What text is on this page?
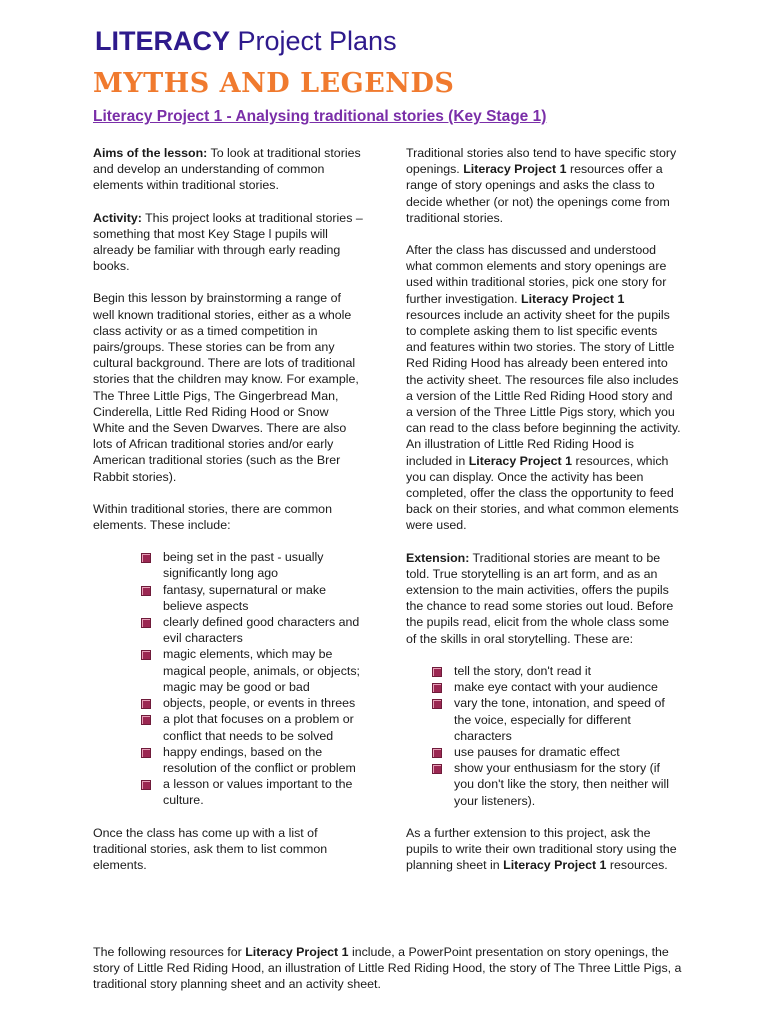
LITERACY Project Plans
MYTHS AND LEGENDS
Literacy Project 1 - Analysing traditional stories (Key Stage 1)

Aims of the lesson: To look at traditional stories and develop an understanding of common elements within traditional stories.

Activity: This project looks at traditional stories – something that most Key Stage l pupils will already be familiar with through early reading books.

Begin this lesson by brainstorming a range of well known traditional stories, either as a whole class activity or as a timed competition in pairs/groups. These stories can be from any cultural background. There are lots of traditional stories that the children may know. For example, The Three Little Pigs, The Gingerbread Man, Cinderella, Little Red Riding Hood or Snow White and the Seven Dwarves. There are also lots of African traditional stories and/or early American traditional stories (such as the Brer Rabbit stories).

Within traditional stories, there are common elements. These include:

being set in the past - usually significantly long ago
fantasy, supernatural or make believe aspects
clearly defined good characters and evil characters
magic elements, which may be magical people, animals, or objects; magic may be good or bad
objects, people, or events in threes
a plot that focuses on a problem or conflict that needs to be solved
happy endings, based on the resolution of the conflict or problem
a lesson or values important to the culture.

Once the class has come up with a list of traditional stories, ask them to list common elements.

Traditional stories also tend to have specific story openings. Literacy Project 1 resources offer a range of story openings and asks the class to decide whether (or not) the openings come from traditional stories.

After the class has discussed and understood what common elements and story openings are used within traditional stories, pick one story for further investigation. Literacy Project 1 resources include an activity sheet for the pupils to complete asking them to list specific events and features within two stories. The story of Little Red Riding Hood has already been entered into the activity sheet. The resources file also includes a version of the Little Red Riding Hood story and a version of the Three Little Pigs story, which you can read to the class before beginning the activity. An illustration of Little Red Riding Hood is included in Literacy Project 1 resources, which you can display. Once the activity has been completed, offer the class the opportunity to feed back on their stories, and what common elements were used.

Extension: Traditional stories are meant to be told. True storytelling is an art form, and as an extension to the main activities, offers the pupils the chance to read some stories out loud. Before the pupils read, elicit from the whole class some of the skills in oral storytelling. These are:

tell the story, don't read it
make eye contact with your audience
vary the tone, intonation, and speed of the voice, especially for different characters
use pauses for dramatic effect
show your enthusiasm for the story (if you don't like the story, then neither will your listeners).

As a further extension to this project, ask the pupils to write their own traditional story using the planning sheet in Literacy Project 1 resources.

The following resources for Literacy Project 1 include, a PowerPoint presentation on story openings, the story of Little Red Riding Hood, an illustration of Little Red Riding Hood, the story of The Three Little Pigs, a traditional story planning sheet and an activity sheet.
